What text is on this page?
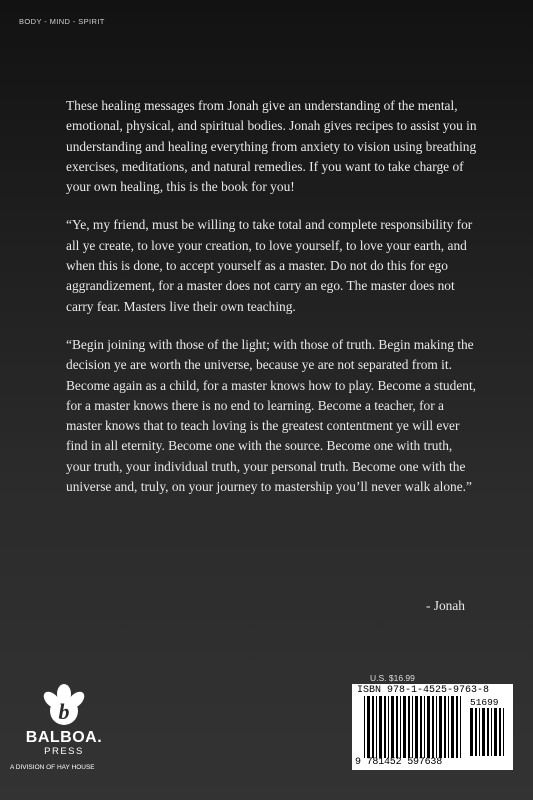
BODY - MIND - SPIRIT

These healing messages from Jonah give an understanding of the mental, emotional, physical, and spiritual bodies. Jonah gives recipes to assist you in understanding and healing everything from anxiety to vision using breathing exercises, meditations, and natural remedies. If you want to take charge of your own healing, this is the book for you!

“Ye, my friend, must be willing to take total and complete responsibility for all ye create, to love your creation, to love yourself, to love your earth, and when this is done, to accept yourself as a master. Do not do this for ego aggrandizement, for a master does not carry an ego. The master does not carry fear. Masters live their own teaching.

“Begin joining with those of the light; with those of truth. Begin making the decision ye are worth the universe, because ye are not separated from it. Become again as a child, for a master knows how to play. Become a student, for a master knows there is no end to learning. Become a teacher, for a master knows that to teach loving is the greatest contentment ye will ever find in all eternity. Become one with the source. Become one with truth, your truth, your individual truth, your personal truth. Become one with the universe and, truly, on your journey to mastership you’ll never walk alone.”

- Jonah
b
BALBOA.
PRESS
A DIVISION OF HAY HOUSE
U.S. $16.99
ISBN 978-1-4525-9763-8
51699
9 781452 597638
